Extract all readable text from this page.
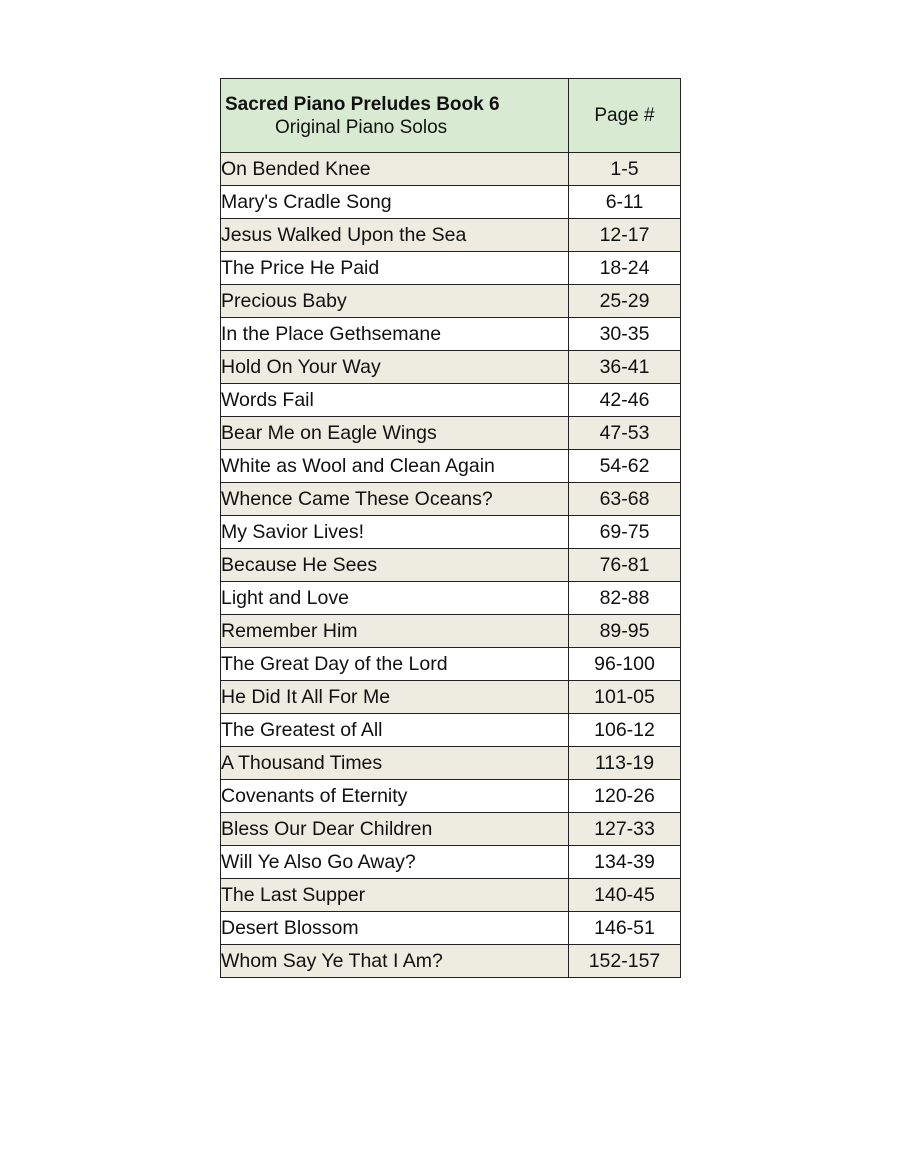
Sacred Piano Preludes Book 6
Original Piano Solos	Page #
On Bended Knee	1-5
Mary's Cradle Song	6-11
Jesus Walked Upon the Sea	12-17
The Price He Paid	18-24
Precious Baby	25-29
In the Place Gethsemane	30-35
Hold On Your Way	36-41
Words Fail	42-46
Bear Me on Eagle Wings	47-53
White as Wool and Clean Again	54-62
Whence Came These Oceans?	63-68
My Savior Lives!	69-75
Because He Sees	76-81
Light and Love	82-88
Remember Him	89-95
The Great Day of the Lord	96-100
He Did It All For Me	101-05
The Greatest of All	106-12
A Thousand Times	113-19
Covenants of Eternity	120-26
Bless Our Dear Children	127-33
Will Ye Also Go Away?	134-39
The Last Supper	140-45
Desert Blossom	146-51
Whom Say Ye That I Am?	152-157
